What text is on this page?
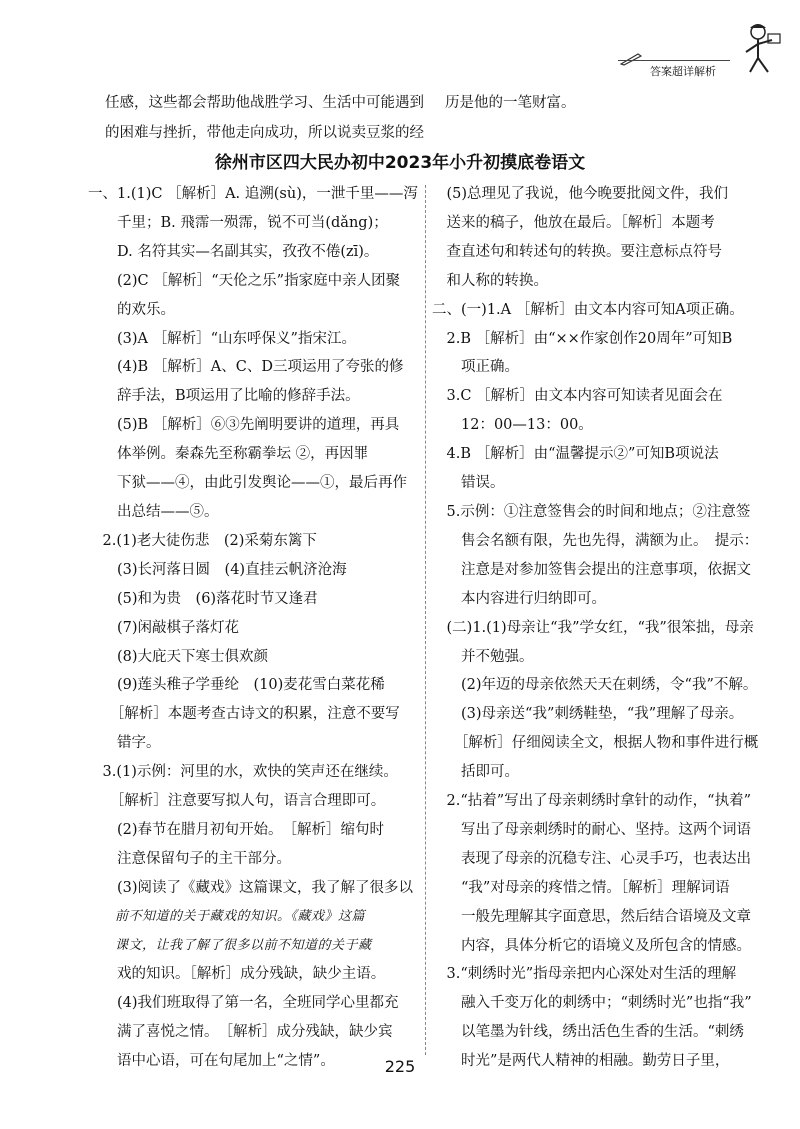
答案超详解析
任感，这些都会帮助他战胜学习、生活中可能遇到
的困难与挫折，带他走向成功，所以说卖豆浆的经
历是他的一笔财富。
徐州市区四大民办初中2023年小升初摸底卷语文

一、1.(1)C ［解析］A. 追溯(sù)，一泄千里——泻

　　千里；B. 飛霈一殒霈，锐不可当(dǎng)；

　　D. 名符其实—名副其实，孜孜不倦(zī)。

　　(2)C ［解析］“天伦之乐”指家庭中亲人团聚

　　的欢乐。

　　(3)A ［解析］“山东呼保义”指宋江。

　　(4)B ［解析］A、C、D三项运用了夸张的修

　　辞手法，B项运用了比喻的修辞手法。

　　(5)B ［解析］⑥③先阐明要讲的道理，再具

　　体举例。秦森先至称霸拳坛 ②，再因罪

　　下狱——④，由此引发舆论——①，最后再作

　　出总结——⑤。

　2.(1)老大徒伤悲　(2)采菊东篱下

　　(3)长河落日圆　(4)直挂云帆济沧海

　　(5)和为贵　(6)落花时节又逢君

　　(7)闲敲棋子落灯花

　　(8)大庇天下寒士俱欢颜

　　(9)莲头稚子学垂纶　(10)麦花雪白菜花稀

　　［解析］本题考查古诗文的积累，注意不要写

　　错字。

　3.(1)示例：河里的水，欢快的笑声还在继续。

　　［解析］注意要写拟人句，语言合理即可。

　　(2)春节在腊月初旬开始。　［解析］缩句时

　　注意保留句子的主干部分。

　　(3)阅读了《藏戏》这篇课文，我了解了很多以

　　前不知道的关于藏戏的知识。《藏戏》这篇

　　课文，让我了解了很多以前不知道的关于藏

　　戏的知识。［解析］成分残缺，缺少主语。

　　(4)我们班取得了第一名，全班同学心里都充

　　满了喜悦之情。　［解析］成分残缺，缺少宾

　　语中心语，可在句尾加上“之情”。

　(5)总理见了我说，他今晚要批阅文件，我们

　送来的稿子，他放在最后。［解析］本题考

　查直述句和转述句的转换。要注意标点符号

　和人称的转换。

二、(一)1.A ［解析］由文本内容可知A项正确。

　2.B ［解析］由“××作家创作20周年”可知B

　　项正确。

　3.C ［解析］由文本内容可知读者见面会在

　　12：00—13：00。

　4.B ［解析］由“温馨提示②”可知B项说法

　　错误。

　5.示例：①注意签售会的时间和地点；②注意签

　　售会名额有限，先也先得，满额为止。　提示：

　　注意是对参加签售会提出的注意事项，依据文

　　本内容进行归纳即可。

　(二)1.(1)母亲让“我”学女红，“我”很笨拙，母亲

　　并不勉强。

　　(2)年迈的母亲依然天天在刺绣，令“我”不解。

　　(3)母亲送“我”刺绣鞋垫，“我”理解了母亲。

　　［解析］仔细阅读全文，根据人物和事件进行概

　　括即可。

　2.“拈着”写出了母亲刺绣时拿针的动作，“执着”

　　写出了母亲刺绣时的耐心、坚持。这两个词语

　　表现了母亲的沉稳专注、心灵手巧，也表达出

　　“我”对母亲的疼惜之情。［解析］理解词语

　　一般先理解其字面意思，然后结合语境及文章

　　内容，具体分析它的语境义及所包含的情感。

　3.“刺绣时光”指母亲把内心深处对生活的理解

　　融入千变万化的刺绣中；“刺绣时光”也指“我”

　　以笔墨为针线，绣出活色生香的生活。“刺绣

　　时光”是两代人精神的相融。勤劳日子里，

225
